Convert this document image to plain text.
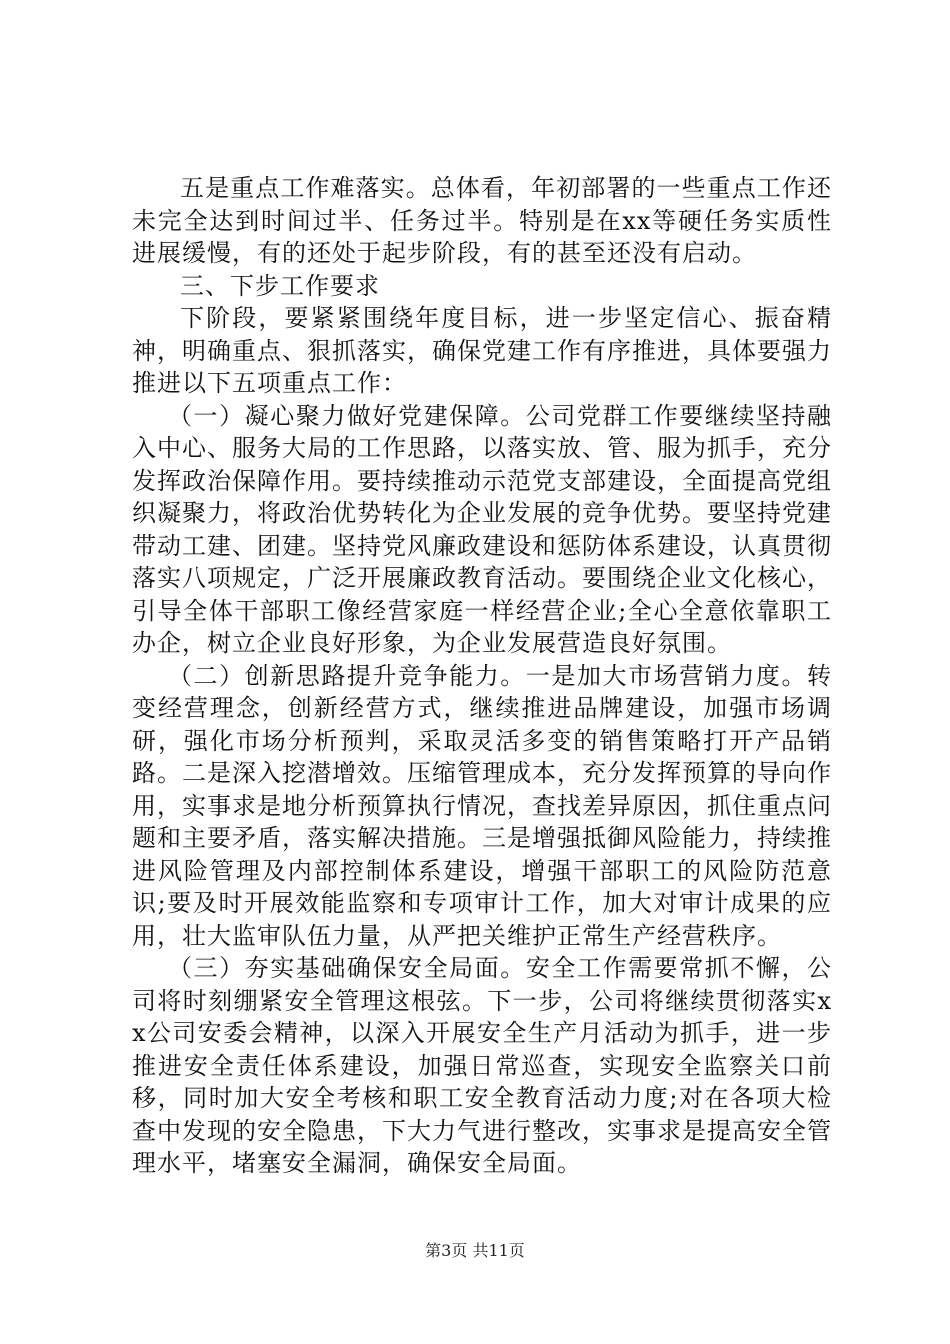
五是重点工作难落实。总体看，年初部署的一些重点工作还未完全达到时间过半、任务过半。特别是在xx等硬任务实质性进展缓慢，有的还处于起步阶段，有的甚至还没有启动。

三、下步工作要求

下阶段，要紧紧围绕年度目标，进一步坚定信心、振奋精神，明确重点、狠抓落实，确保党建工作有序推进，具体要强力推进以下五项重点工作：

（一）凝心聚力做好党建保障。公司党群工作要继续坚持融入中心、服务大局的工作思路，以落实放、管、服为抓手，充分发挥政治保障作用。要持续推动示范党支部建设，全面提高党组织凝聚力，将政治优势转化为企业发展的竞争优势。要坚持党建带动工建、团建。坚持党风廉政建设和惩防体系建设，认真贯彻落实八项规定，广泛开展廉政教育活动。要围绕企业文化核心，引导全体干部职工像经营家庭一样经营企业;全心全意依靠职工办企，树立企业良好形象，为企业发展营造良好氛围。

（二）创新思路提升竞争能力。一是加大市场营销力度。转变经营理念，创新经营方式，继续推进品牌建设，加强市场调研，强化市场分析预判，采取灵活多变的销售策略打开产品销路。二是深入挖潜增效。压缩管理成本，充分发挥预算的导向作用，实事求是地分析预算执行情况，查找差异原因，抓住重点问题和主要矛盾，落实解决措施。三是增强抵御风险能力，持续推进风险管理及内部控制体系建设，增强干部职工的风险防范意识;要及时开展效能监察和专项审计工作，加大对审计成果的应用，壮大监审队伍力量，从严把关维护正常生产经营秩序。

（三）夯实基础确保安全局面。安全工作需要常抓不懈，公司将时刻绷紧安全管理这根弦。下一步，公司将继续贯彻落实xx公司安委会精神，以深入开展安全生产月活动为抓手，进一步推进安全责任体系建设，加强日常巡查，实现安全监察关口前移，同时加大安全考核和职工安全教育活动力度;对在各项大检查中发现的安全隐患，下大力气进行整改，实事求是提高安全管理水平，堵塞安全漏洞，确保安全局面。

第3页 共11页
